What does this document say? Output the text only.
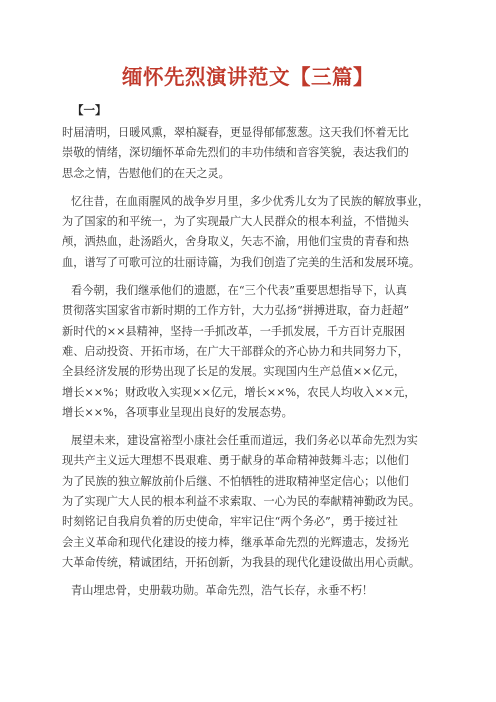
缅怀先烈演讲范文【三篇】
【一】
时届清明，日暖风熏，翠柏凝春，更显得郁郁葱葱。这天我们怀着无比
崇敬的情绪，深切缅怀革命先烈们的丰功伟绩和音容笑貌，表达我们的
思念之情，告慰他们的在天之灵。
忆往昔，在血雨腥风的战争岁月里，多少优秀儿女为了民族的解放事业，
为了国家的和平统一，为了实现最广大人民群众的根本利益，不惜抛头
颅，洒热血，赴汤蹈火，舍身取义，矢志不渝，用他们宝贵的青春和热
血，谱写了可歌可泣的壮丽诗篇，为我们创造了完美的生活和发展环境。
看今朝，我们继承他们的遗愿，在“三个代表”重要思想指导下，认真
贯彻落实国家省市新时期的工作方针，大力弘扬“拼搏进取，奋力赶超”
新时代的××县精神，坚持一手抓改革，一手抓发展，千方百计克服困
难、启动投资、开拓市场，在广大干部群众的齐心协力和共同努力下，
全县经济发展的形势出现了长足的发展。实现国内生产总值××亿元，
增长××%；财政收入实现××亿元，增长××%，农民人均收入××元，
增长××%，各项事业呈现出良好的发展态势。
展望未来，建设富裕型小康社会任重而道远，我们务必以革命先烈为实
现共产主义远大理想不畏艰难、勇于献身的革命精神鼓舞斗志；以他们
为了民族的独立解放前仆后继、不怕牺牲的进取精神坚定信心；以他们
为了实现广大人民的根本利益不求索取、一心为民的奉献精神勤政为民。
时刻铭记自我肩负着的历史使命，牢牢记住“两个务必”，勇于接过社
会主义革命和现代化建设的接力棒，继承革命先烈的光辉遗志，发扬光
大革命传统，精诚团结，开拓创新，为我县的现代化建设做出用心贡献。
青山埋忠骨，史册载功勋。革命先烈，浩气长存，永垂不朽！
